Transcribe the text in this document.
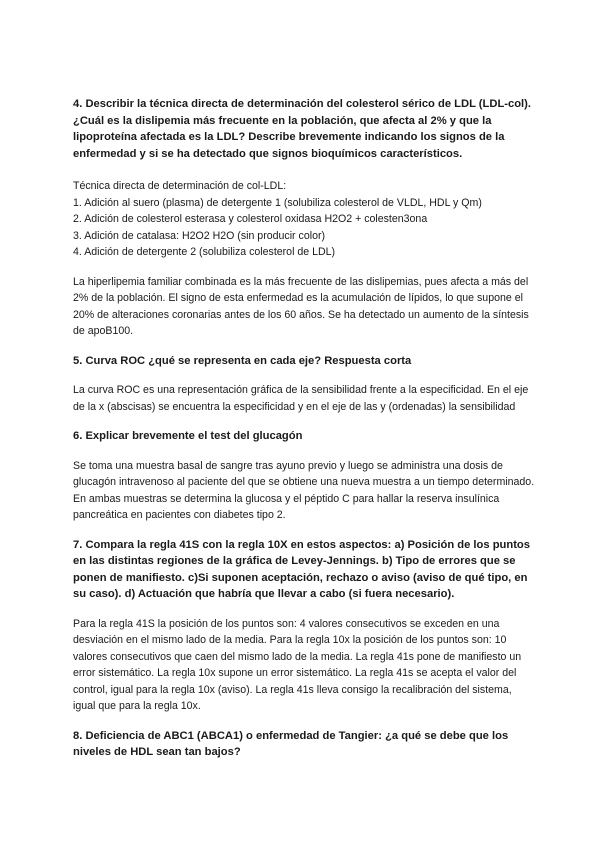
4. Describir la técnica directa de determinación del colesterol sérico de LDL (LDL-col). ¿Cuál es la dislipemia más frecuente en la población, que afecta al 2% y que la lipoproteína afectada es la LDL? Describe brevemente indicando los signos de la enfermedad y si se ha detectado que signos bioquímicos característicos.

Técnica directa de determinación de col-LDL:
1. Adición al suero (plasma) de detergente 1 (solubiliza colesterol de VLDL, HDL y Qm)
2. Adición de colesterol esterasa y colesterol oxidasa H2O2 + colesten3ona
3. Adición de catalasa: H2O2 H2O (sin producir color)
4. Adición de detergente 2 (solubiliza colesterol de LDL)

La hiperlipemia familiar combinada es la más frecuente de las dislipemias, pues afecta a más del 2% de la población. El signo de esta enfermedad es la acumulación de lípidos, lo que supone el 20% de alteraciones coronarias antes de los 60 años. Se ha detectado un aumento de la síntesis de apoB100.

5. Curva ROC ¿qué se representa en cada eje? Respuesta corta

La curva ROC es una representación gráfica de la sensibilidad frente a la especificidad. En el eje de la x (abscisas) se encuentra la especificidad y en el eje de las y (ordenadas) la sensibilidad

6. Explicar brevemente el test del glucagón

Se toma una muestra basal de sangre tras ayuno previo y luego se administra una dosis de glucagón intravenoso al paciente del que se obtiene una nueva muestra a un tiempo determinado. En ambas muestras se determina la glucosa y el péptido C para hallar la reserva insulínica pancreática en pacientes con diabetes tipo 2.

7. Compara la regla 41S con la regla 10X en estos aspectos: a) Posición de los puntos en las distintas regiones de la gráfica de Levey-Jennings. b) Tipo de errores que se ponen de manifiesto. c)Si suponen aceptación, rechazo o aviso (aviso de qué tipo, en su caso). d) Actuación que habría que llevar a cabo (si fuera necesario).

Para la regla 41S la posición de los puntos son: 4 valores consecutivos se exceden en una desviación en el mismo lado de la media. Para la regla 10x la posición de los puntos son: 10 valores consecutivos que caen del mismo lado de la media. La regla 41s pone de manifiesto un error sistemático. La regla 10x supone un error sistemático. La regla 41s se acepta el valor del control, igual para la regla 10x (aviso). La regla 41s lleva consigo la recalibración del sistema, igual que para la regla 10x.

8. Deficiencia de ABC1 (ABCA1) o enfermedad de Tangier: ¿a qué se debe que los niveles de HDL sean tan bajos?
